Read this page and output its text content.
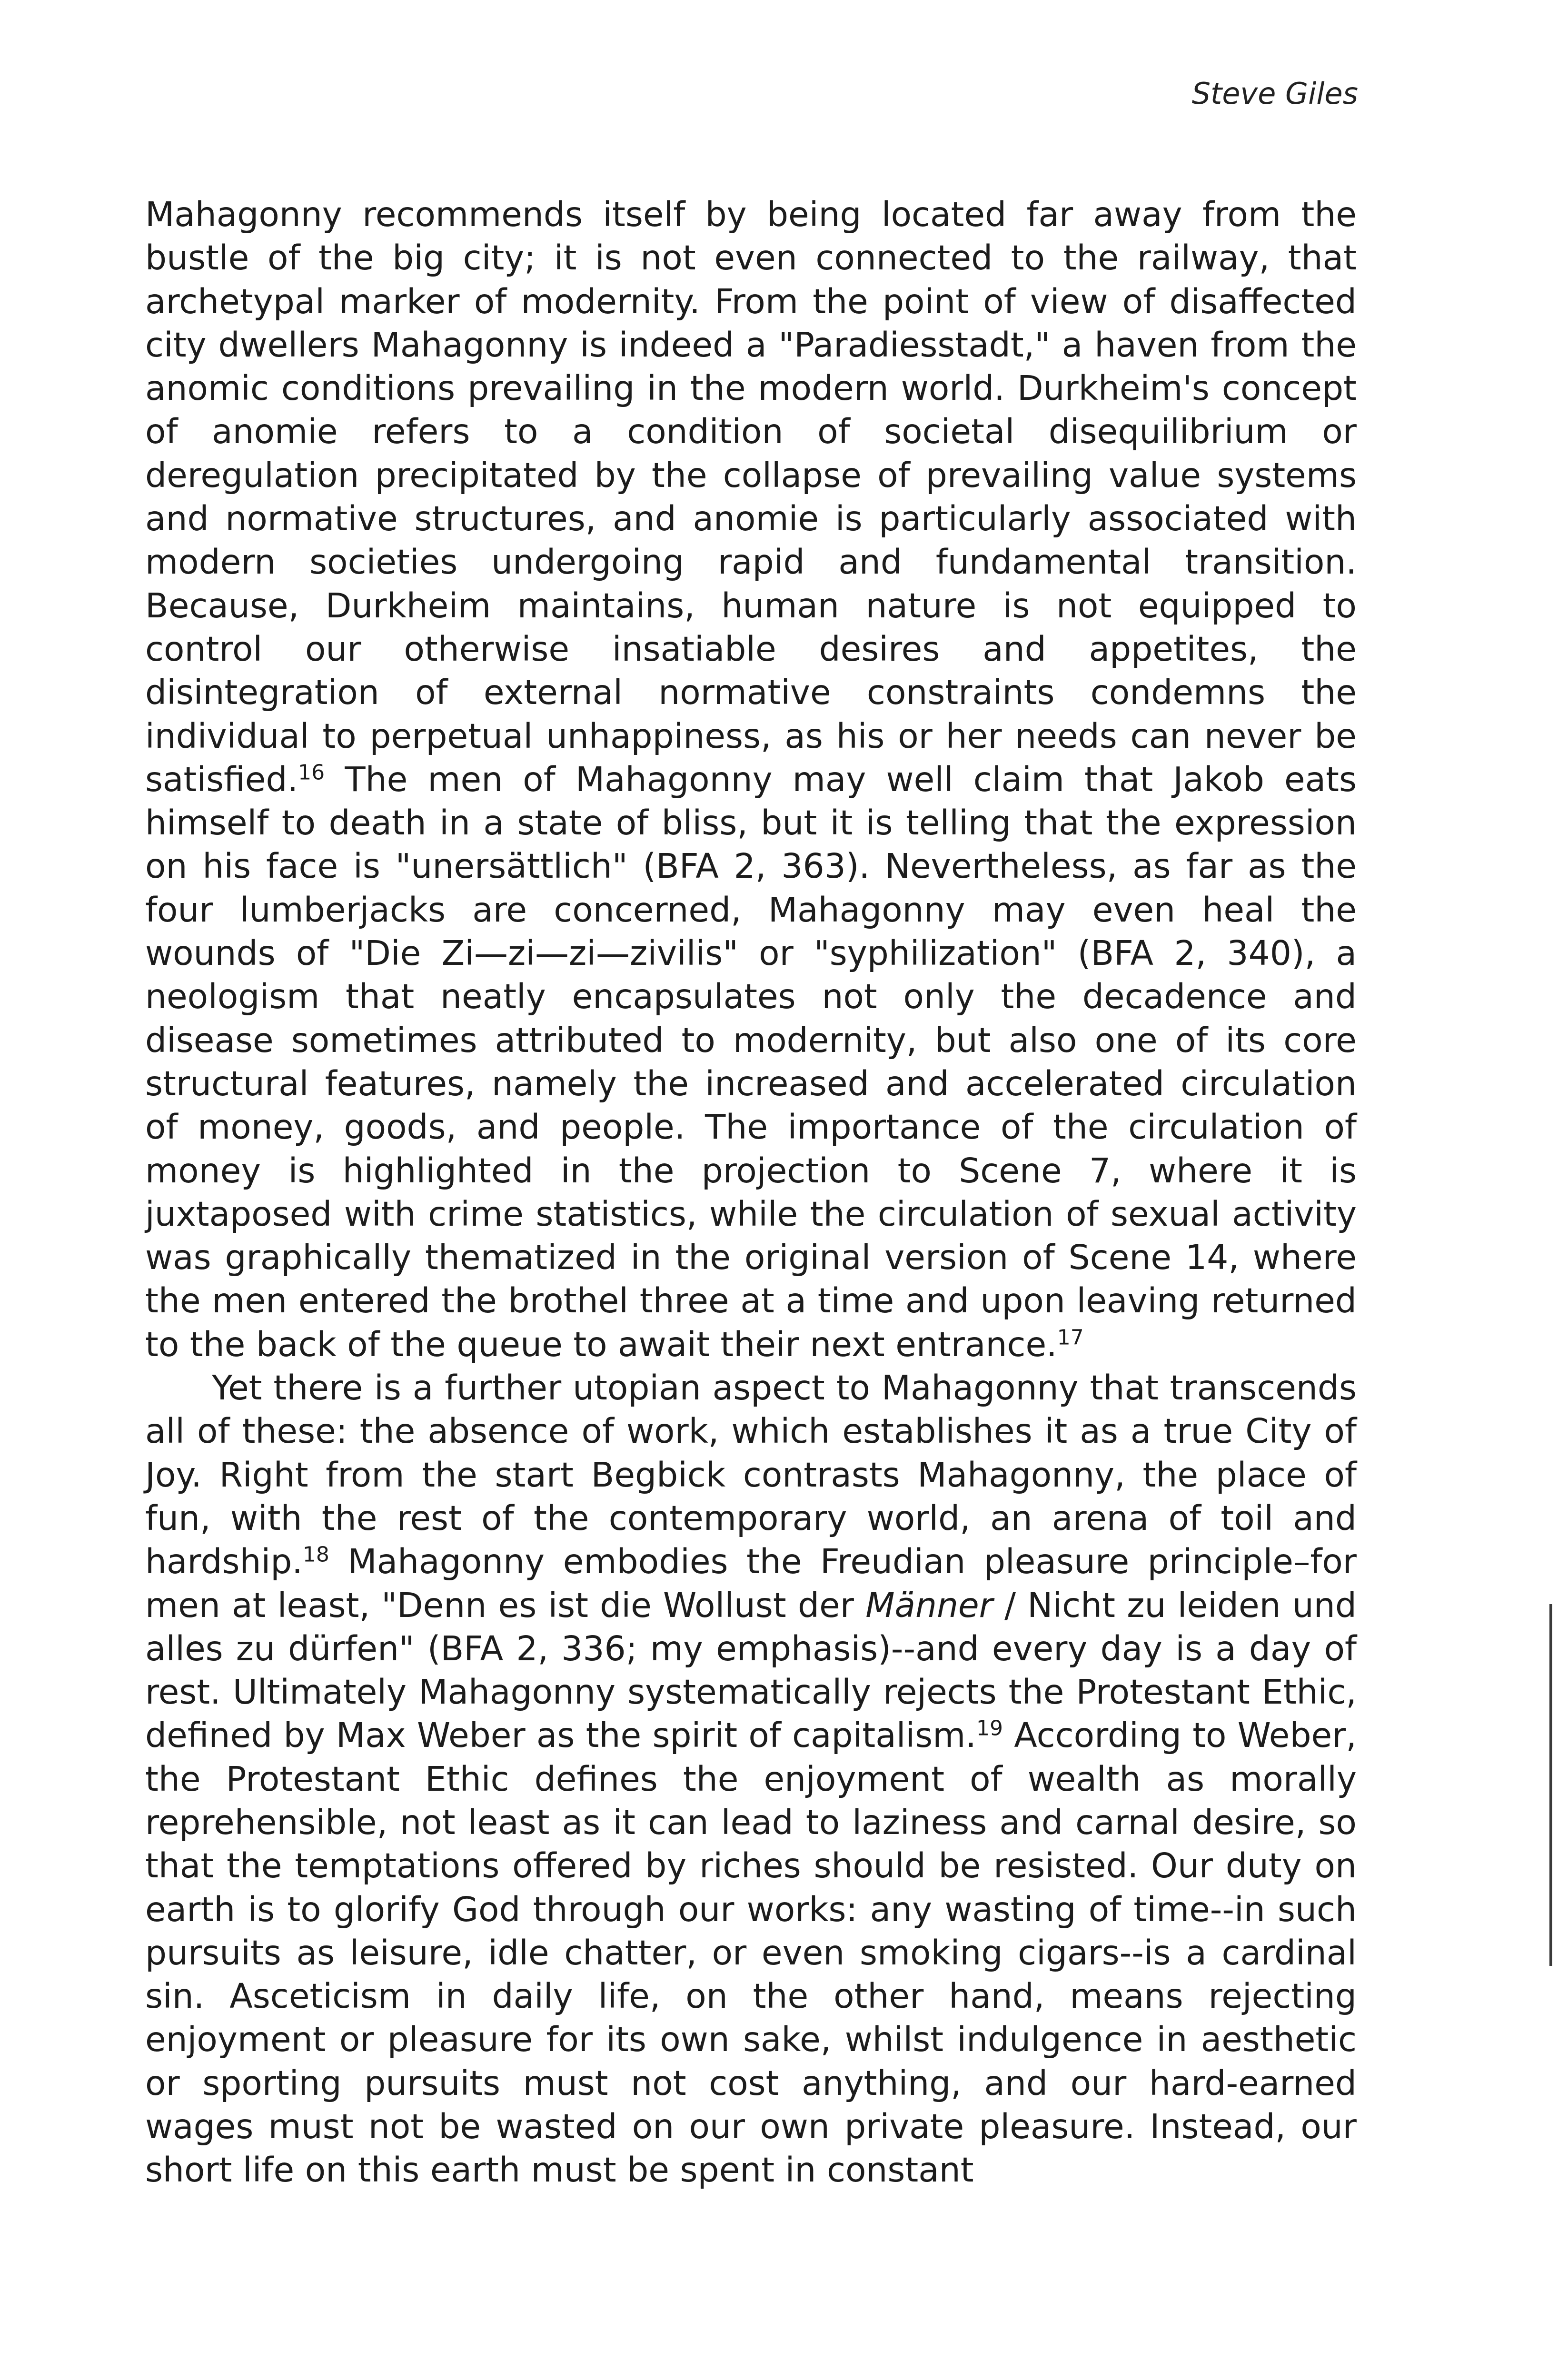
Steve Giles

Mahagonny recommends itself by being located far away from the bustle of the big city; it is not even connected to the railway, that archetypal marker of modernity. From the point of view of disaffected city dwellers Mahagonny is indeed a "Paradiesstadt," a haven from the anomic conditions prevailing in the modern world. Durkheim's concept of anomie refers to a condition of societal disequilibrium or deregulation precipitated by the collapse of prevailing value systems and normative structures, and anomie is particularly associated with modern societies undergoing rapid and fundamental transition. Because, Durkheim maintains, human nature is not equipped to control our otherwise insatiable desires and appetites, the disintegration of external normative constraints condemns the individual to perpetual unhappiness, as his or her needs can never be satisfied.$^{16}$ The men of Mahagonny may well claim that Jakob eats himself to death in a state of bliss, but it is telling that the expression on his face is "unersättlich" (BFA 2, 363). Nevertheless, as far as the four lumberjacks are concerned, Mahagonny may even heal the wounds of "Die Zi—zi—zi—zivilis" or "syphilization" (BFA 2, 340), a neologism that neatly encapsulates not only the decadence and disease sometimes attributed to modernity, but also one of its core structural features, namely the increased and accelerated circulation of money, goods, and people. The importance of the circulation of money is highlighted in the projection to Scene 7, where it is juxtaposed with crime statistics, while the circulation of sexual activity was graphically thematized in the original version of Scene 14, where the men entered the brothel three at a time and upon leaving returned to the back of the queue to await their next entrance.$^{17}$

Yet there is a further utopian aspect to Mahagonny that transcends all of these: the absence of work, which establishes it as a true City of Joy. Right from the start Begbick contrasts Mahagonny, the place of fun, with the rest of the contemporary world, an arena of toil and hardship.$^{18}$ Mahagonny embodies the Freudian pleasure principle–for men at least, "Denn es ist die Wollust der Männer / Nicht zu leiden und alles zu dürfen" (BFA 2, 336; my emphasis)--and every day is a day of rest. Ultimately Mahagonny systematically rejects the Protestant Ethic, defined by Max Weber as the spirit of capitalism.$^{19}$ According to Weber, the Protestant Ethic defines the enjoyment of wealth as morally reprehensible, not least as it can lead to laziness and carnal desire, so that the temptations offered by riches should be resisted. Our duty on earth is to glorify God through our works: any wasting of time--in such pursuits as leisure, idle chatter, or even smoking cigars--is a cardinal sin. Asceticism in daily life, on the other hand, means rejecting enjoyment or pleasure for its own sake, whilst indulgence in aesthetic or sporting pursuits must not cost anything, and our hard-earned wages must not be wasted on our own private pleasure. Instead, our short life on this earth must be spent in constant
